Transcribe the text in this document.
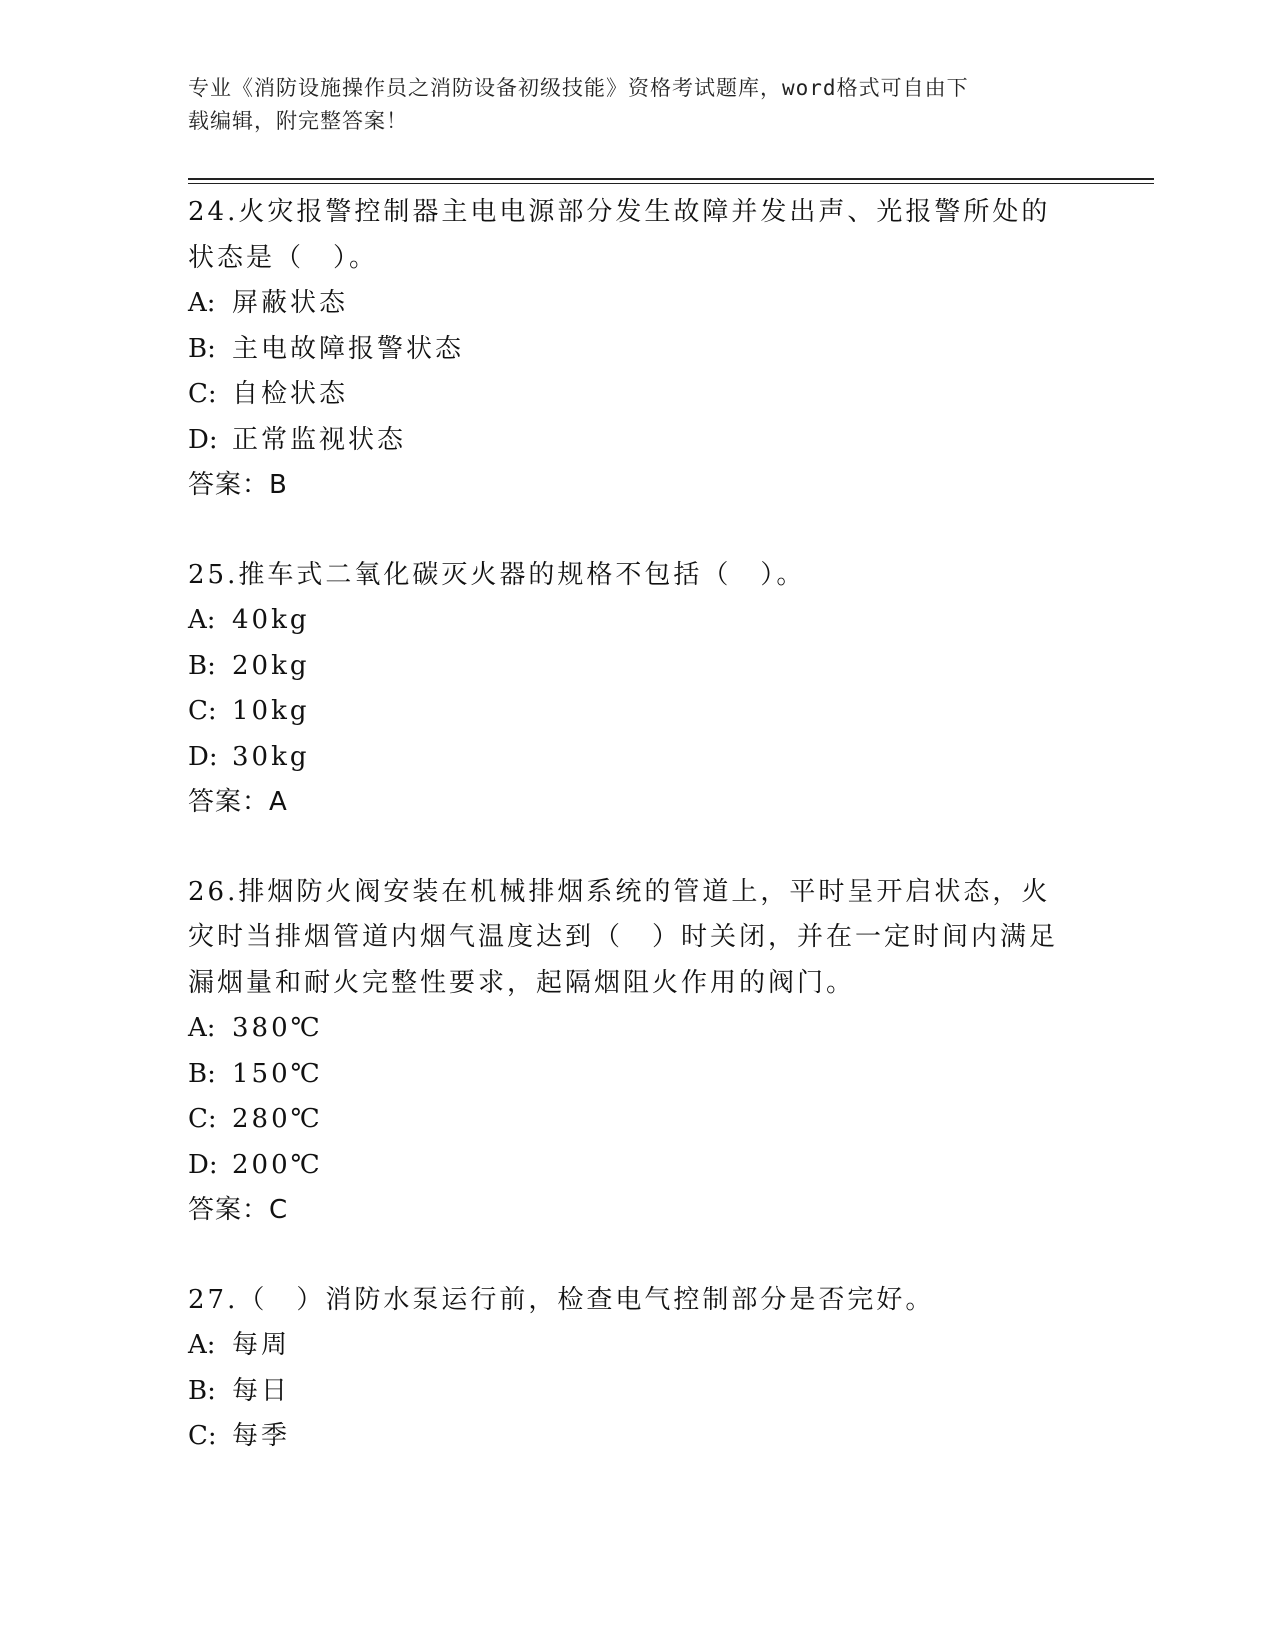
专业《消防设施操作员之消防设备初级技能》资格考试题库，word格式可自由下
载编辑，附完整答案！

24.火灾报警控制器主电电源部分发生故障并发出声、光报警所处的状态是（　）。

A: 屏蔽状态

B: 主电故障报警状态

C: 自检状态

D: 正常监视状态

答案：B

25.推车式二氧化碳灭火器的规格不包括（　）。

A: 40kg

B: 20kg

C: 10kg

D: 30kg

答案：A

26.排烟防火阀安装在机械排烟系统的管道上，平时呈开启状态，火灾时当排烟管道内烟气温度达到（　）时关闭，并在一定时间内满足漏烟量和耐火完整性要求，起隔烟阻火作用的阀门。

A: 380℃

B: 150℃

C: 280℃

D: 200℃

答案：C

27.（　）消防水泵运行前，检查电气控制部分是否完好。

A: 每周

B: 每日

C: 每季
